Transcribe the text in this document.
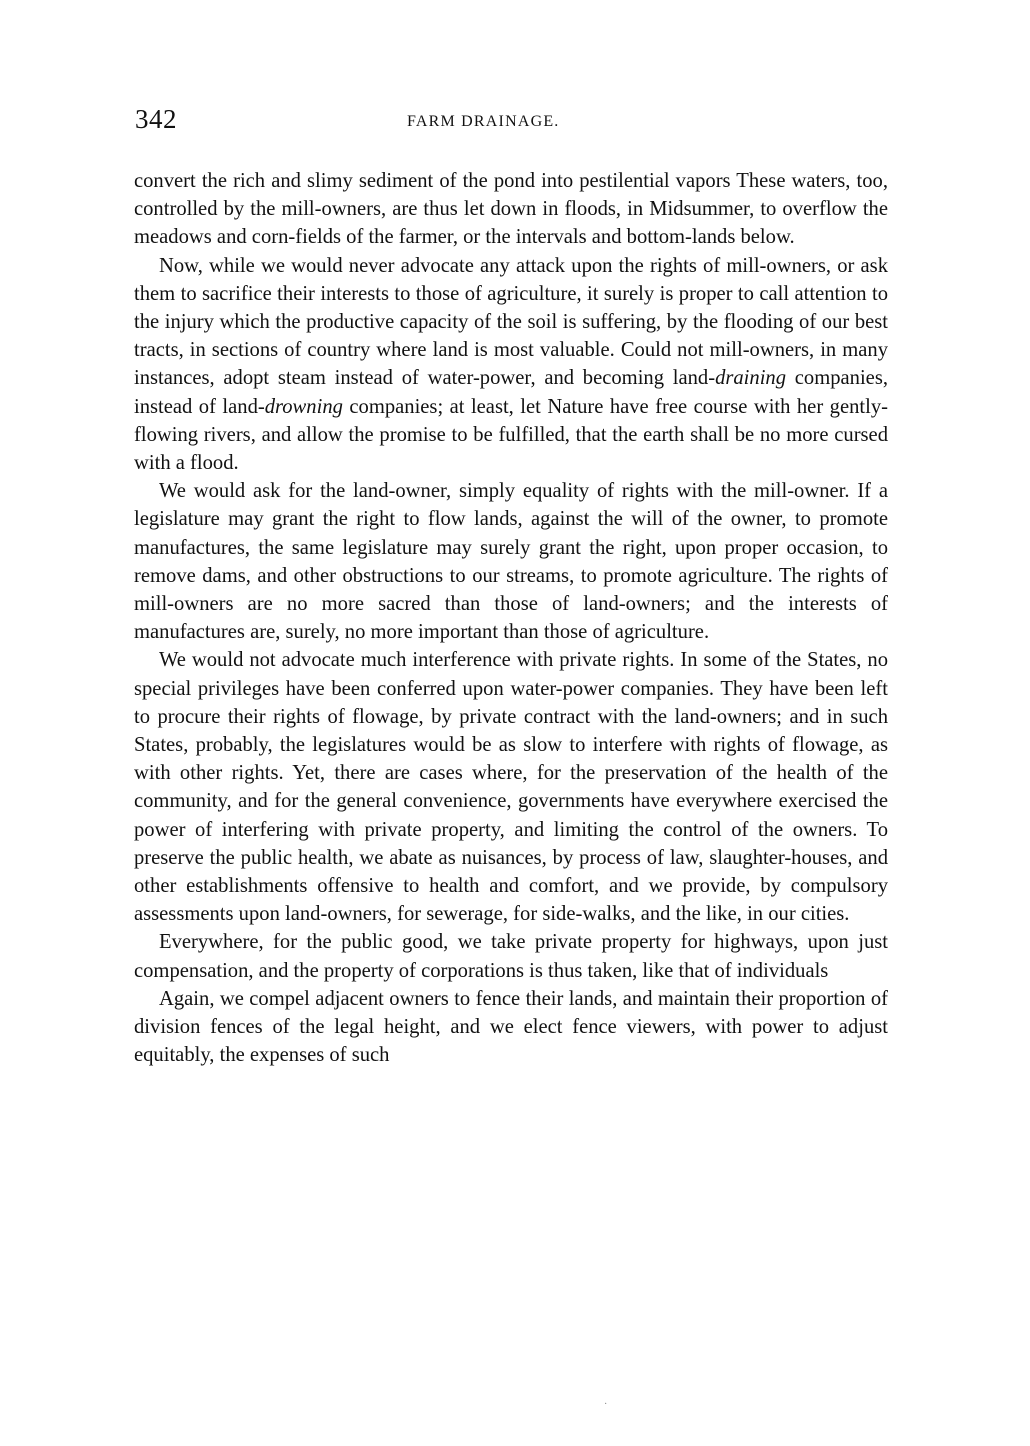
342	FARM DRAINAGE.

convert the rich and slimy sediment of the pond into pestilential vapors These waters, too, controlled by the mill-owners, are thus let down in floods, in Midsummer, to overflow the meadows and corn-fields of the farmer, or the intervals and bottom-lands below.

Now, while we would never advocate any attack upon the rights of mill-owners, or ask them to sacrifice their interests to those of agriculture, it surely is proper to call attention to the injury which the productive capacity of the soil is suffering, by the flooding of our best tracts, in sections of country where land is most valuable. Could not mill-owners, in many instances, adopt steam instead of water-power, and becoming land-draining companies, instead of land-drowning companies; at least, let Nature have free course with her gently-flowing rivers, and allow the promise to be fulfilled, that the earth shall be no more cursed with a flood.

We would ask for the land-owner, simply equality of rights with the mill-owner. If a legislature may grant the right to flow lands, against the will of the owner, to promote manufactures, the same legislature may surely grant the right, upon proper occasion, to remove dams, and other obstructions to our streams, to promote agriculture. The rights of mill-owners are no more sacred than those of land-owners; and the interests of manufactures are, surely, no more important than those of agriculture.

We would not advocate much interference with private rights. In some of the States, no special privileges have been conferred upon water-power companies. They have been left to procure their rights of flowage, by private contract with the land-owners; and in such States, probably, the legislatures would be as slow to interfere with rights of flowage, as with other rights. Yet, there are cases where, for the preservation of the health of the community, and for the general convenience, governments have everywhere exercised the power of interfering with private property, and limiting the control of the owners. To preserve the public health, we abate as nuisances, by process of law, slaughter-houses, and other establishments offensive to health and comfort, and we provide, by compulsory assessments upon land-owners, for sewerage, for side-walks, and the like, in our cities.

Everywhere, for the public good, we take private property for highways, upon just compensation, and the property of corporations is thus taken, like that of individuals

Again, we compel adjacent owners to fence their lands, and maintain their proportion of division fences of the legal height, and we elect fence viewers, with power to adjust equitably, the expenses of such

·
